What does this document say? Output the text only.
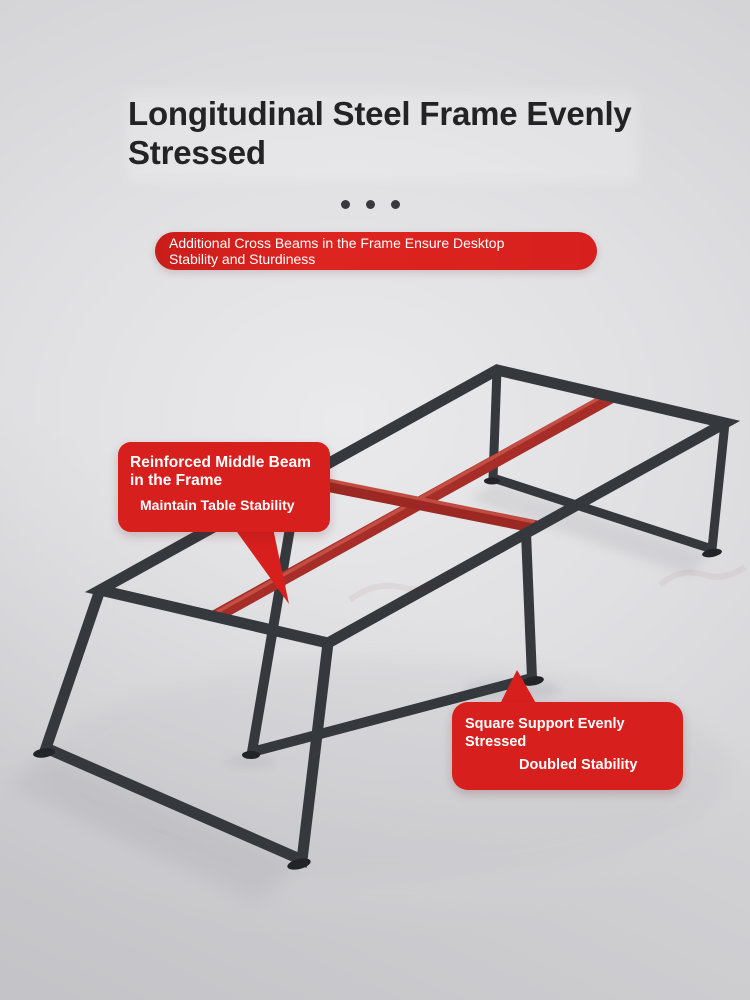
Longitudinal Steel Frame Evenly
Stressed
Additional Cross Beams in the Frame Ensure Desktop
Stability and Sturdiness
Reinforced Middle Beam
in the Frame
Maintain Table Stability
Square Support Evenly
Stressed
Doubled Stability
